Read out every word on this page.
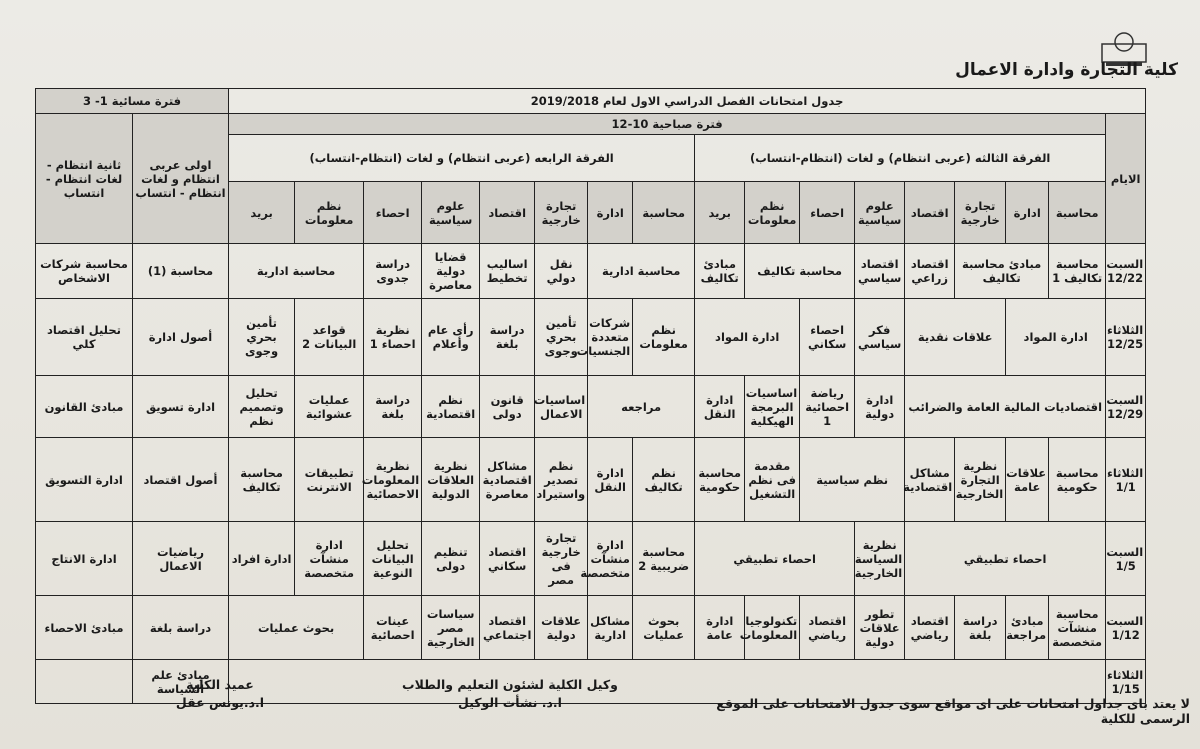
كلية التجارة وادارة الاعمال
جدول امتحانات الفصل الدراسي الاول لعام 2019/2018																	فترة مسائية 1- 3		
الايام	فترة صباحية 10-12																اولى عربى انتظام و لغات انتظام - انتساب	ثانية انتظام - لغات انتظام - انتساب	
	الفرقة الثالثه (عربى انتظام) و لغات (انتظام-انتساب)								الفرقة الرابعه (عربى انتظام) و لغات (انتظام-انتساب)										
	محاسبة	ادارة	تجارة خارجية	اقتصاد	علوم سياسية	احصاء	نظم معلومات	بريد	محاسبة	ادارة	تجارة خارجية	اقتصاد	علوم سياسية	احصاء	نظم معلومات	بريد			
السبت 12/22	محاسبة تكاليف 1	مبادئ محاسبة تكاليف		اقتصاد زراعي	اقتصاد سياسي	محاسبة تكاليف		مبادئ تكاليف	محاسبة ادارية		نقل دولي	اساليب تخطيط	قضايا دولية معاصرة	دراسة جدوى	محاسبة ادارية		محاسبة (1)	محاسبة شركات الاشخاص	
الثلاثاء 12/25	ادارة المواد		علاقات نقدية		فكر سياسي	احصاء سكاني	ادارة المواد		نظم معلومات	شركات متعددة الجنسيات	تأمين بحري وجوى	دراسة بلغة	رأى عام وأعلام	نظرية احصاء 1	قواعد البيانات 2	تأمين بحري وجوى	أصول ادارة	تحليل اقتصاد كلي	
السبت 12/29	اقتصاديات المالية العامة والضرائب				ادارة دولية	رياضة احصائية 1	اساسيات البرمجة الهيكلية	ادارة النقل	مراجعه		اساسيات الاعمال	قانون دولى	نظم اقتصادية	دراسة بلغة	عمليات عشوائية	تحليل وتصميم نظم	ادارة تسويق	مبادئ القانون	
الثلاثاء 1/1	محاسبة حكومية	علاقات عامة	نظرية التجارة الخارجية	مشاكل اقتصادية	نظم سياسية		مقدمة فى نظم التشغيل	محاسبة حكومية	نظم تكاليف	ادارة النقل	نظم تصدير واستيراد	مشاكل اقتصادية معاصرة	نظرية العلاقات الدولية	نظرية المعلومات الاحصائية	تطبيقات الانترنت	محاسبة تكاليف	أصول اقتصاد	ادارة التسويق	
السبت 1/5	احصاء تطبيقي				نظرية السياسة الخارجية	احصاء تطبيقي			محاسبة ضريبية 2	ادارة منشآت متخصصة	تجارة خارجية فى مصر	اقتصاد سكاني	تنظيم دولى	تحليل البيانات النوعية	ادارة منشآت متخصصة	ادارة افراد	رياضيات الاعمال	ادارة الانتاج	
السبت 1/12	محاسبة منشآت متخصصة	مبادئ مراجعة	دراسة بلغة	اقتصاد رياضي	تطور علاقات دولية	اقتصاد رياضي	تكنولوجيا المعلومات	ادارة عامة	بحوث عمليات	مشاكل ادارية	علاقات دولية	اقتصاد اجتماعي	سياسات مصر الخارجية	عينات احصائية	بحوث عمليات		دراسة بلغة	مبادئ الاحصاء	
الثلاثاء 1/15																	مبادئ علم السياسة		
عميد الكلية
ا.د.يونس عقل
وكيل الكلية لشئون التعليم والطلاب
ا.د. نشأت الوكيل	لا يعتد باى جداول امتحانات على اى مواقع سوى جدول الامتحانات على الموقع الرسمى للكلية
